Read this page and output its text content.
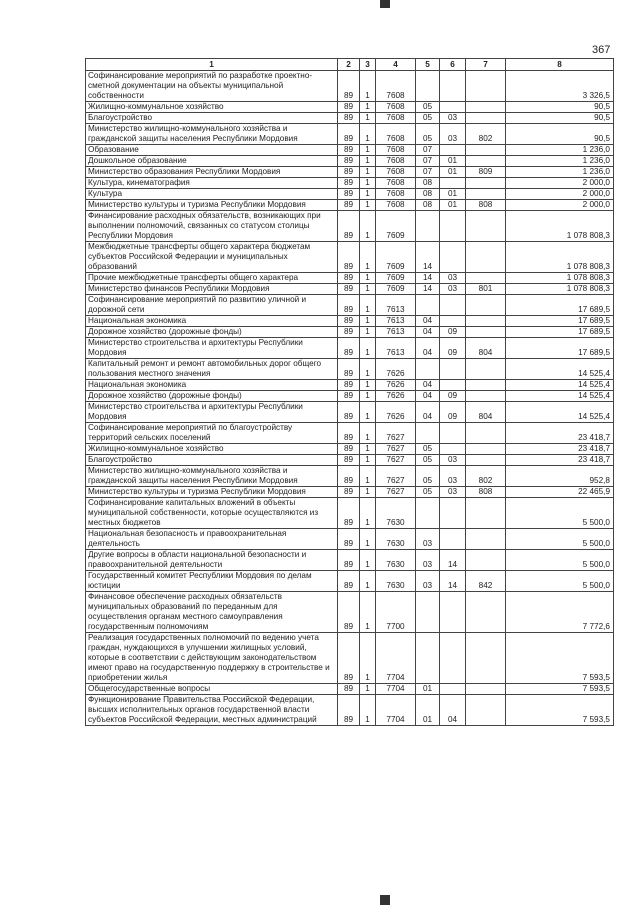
367
1	2	3	4	5	6	7	8
Софинансирование мероприятий по разработке проектно-сметной документации на объекты муниципальной собственности	89	1	7608				3 326,5
Жилищно-коммунальное хозяйство	89	1	7608	05			90,5
Благоустройство	89	1	7608	05	03		90,5
Министерство жилищно-коммунального хозяйства и гражданской защиты населения Республики Мордовия	89	1	7608	05	03	802	90,5
Образование	89	1	7608	07			1 236,0
Дошкольное образование	89	1	7608	07	01		1 236,0
Министерство образования Республики Мордовия	89	1	7608	07	01	809	1 236,0
Культура, кинематография	89	1	7608	08			2 000,0
Культура	89	1	7608	08	01		2 000,0
Министерство культуры и туризма Республики Мордовия	89	1	7608	08	01	808	2 000,0
Финансирование расходных обязательств, возникающих при выполнении полномочий, связанных со статусом столицы Республики Мордовия	89	1	7609				1 078 808,3
Межбюджетные трансферты общего характера бюджетам субъектов Российской Федерации и муниципальных образований	89	1	7609	14			1 078 808,3
Прочие межбюджетные трансферты общего характера	89	1	7609	14	03		1 078 808,3
Министерство финансов Республики Мордовия	89	1	7609	14	03	801	1 078 808,3
Софинансирование мероприятий по развитию уличной и дорожной сети	89	1	7613				17 689,5
Национальная экономика	89	1	7613	04			17 689,5
Дорожное хозяйство (дорожные фонды)	89	1	7613	04	09		17 689,5
Министерство строительства и архитектуры Республики Мордовия	89	1	7613	04	09	804	17 689,5
Капитальный ремонт и ремонт автомобильных дорог общего пользования местного значения	89	1	7626				14 525,4
Национальная экономика	89	1	7626	04			14 525,4
Дорожное хозяйство (дорожные фонды)	89	1	7626	04	09		14 525,4
Министерство строительства и архитектуры Республики Мордовия	89	1	7626	04	09	804	14 525,4
Софинансирование мероприятий по благоустройству территорий сельских поселений	89	1	7627				23 418,7
Жилищно-коммунальное хозяйство	89	1	7627	05			23 418,7
Благоустройство	89	1	7627	05	03		23 418,7
Министерство жилищно-коммунального хозяйства и гражданской защиты населения Республики Мордовия	89	1	7627	05	03	802	952,8
Министерство культуры и туризма Республики Мордовия	89	1	7627	05	03	808	22 465,9
Софинансирование капитальных вложений в объекты муниципальной собственности, которые осуществляются из местных бюджетов	89	1	7630				5 500,0
Национальная безопасность и правоохранительная деятельность	89	1	7630	03			5 500,0
Другие вопросы в области национальной безопасности и правоохранительной деятельности	89	1	7630	03	14		5 500,0
Государственный комитет Республики Мордовия по делам юстиции	89	1	7630	03	14	842	5 500,0
Финансовое обеспечение расходных обязательств муниципальных образований по переданным для осуществления органам местного самоуправления государственным полномочиям	89	1	7700				7 772,6
Реализация государственных полномочий по ведению учета граждан, нуждающихся в улучшении жилищных условий, которые в соответствии с действующим законодательством имеют право на государственную поддержку в строительстве и приобретении жилья	89	1	7704				7 593,5
Общегосударственные вопросы	89	1	7704	01			7 593,5
Функционирование Правительства Российской Федерации, высших исполнительных органов государственной власти субъектов Российской Федерации, местных администраций	89	1	7704	01	04		7 593,5
